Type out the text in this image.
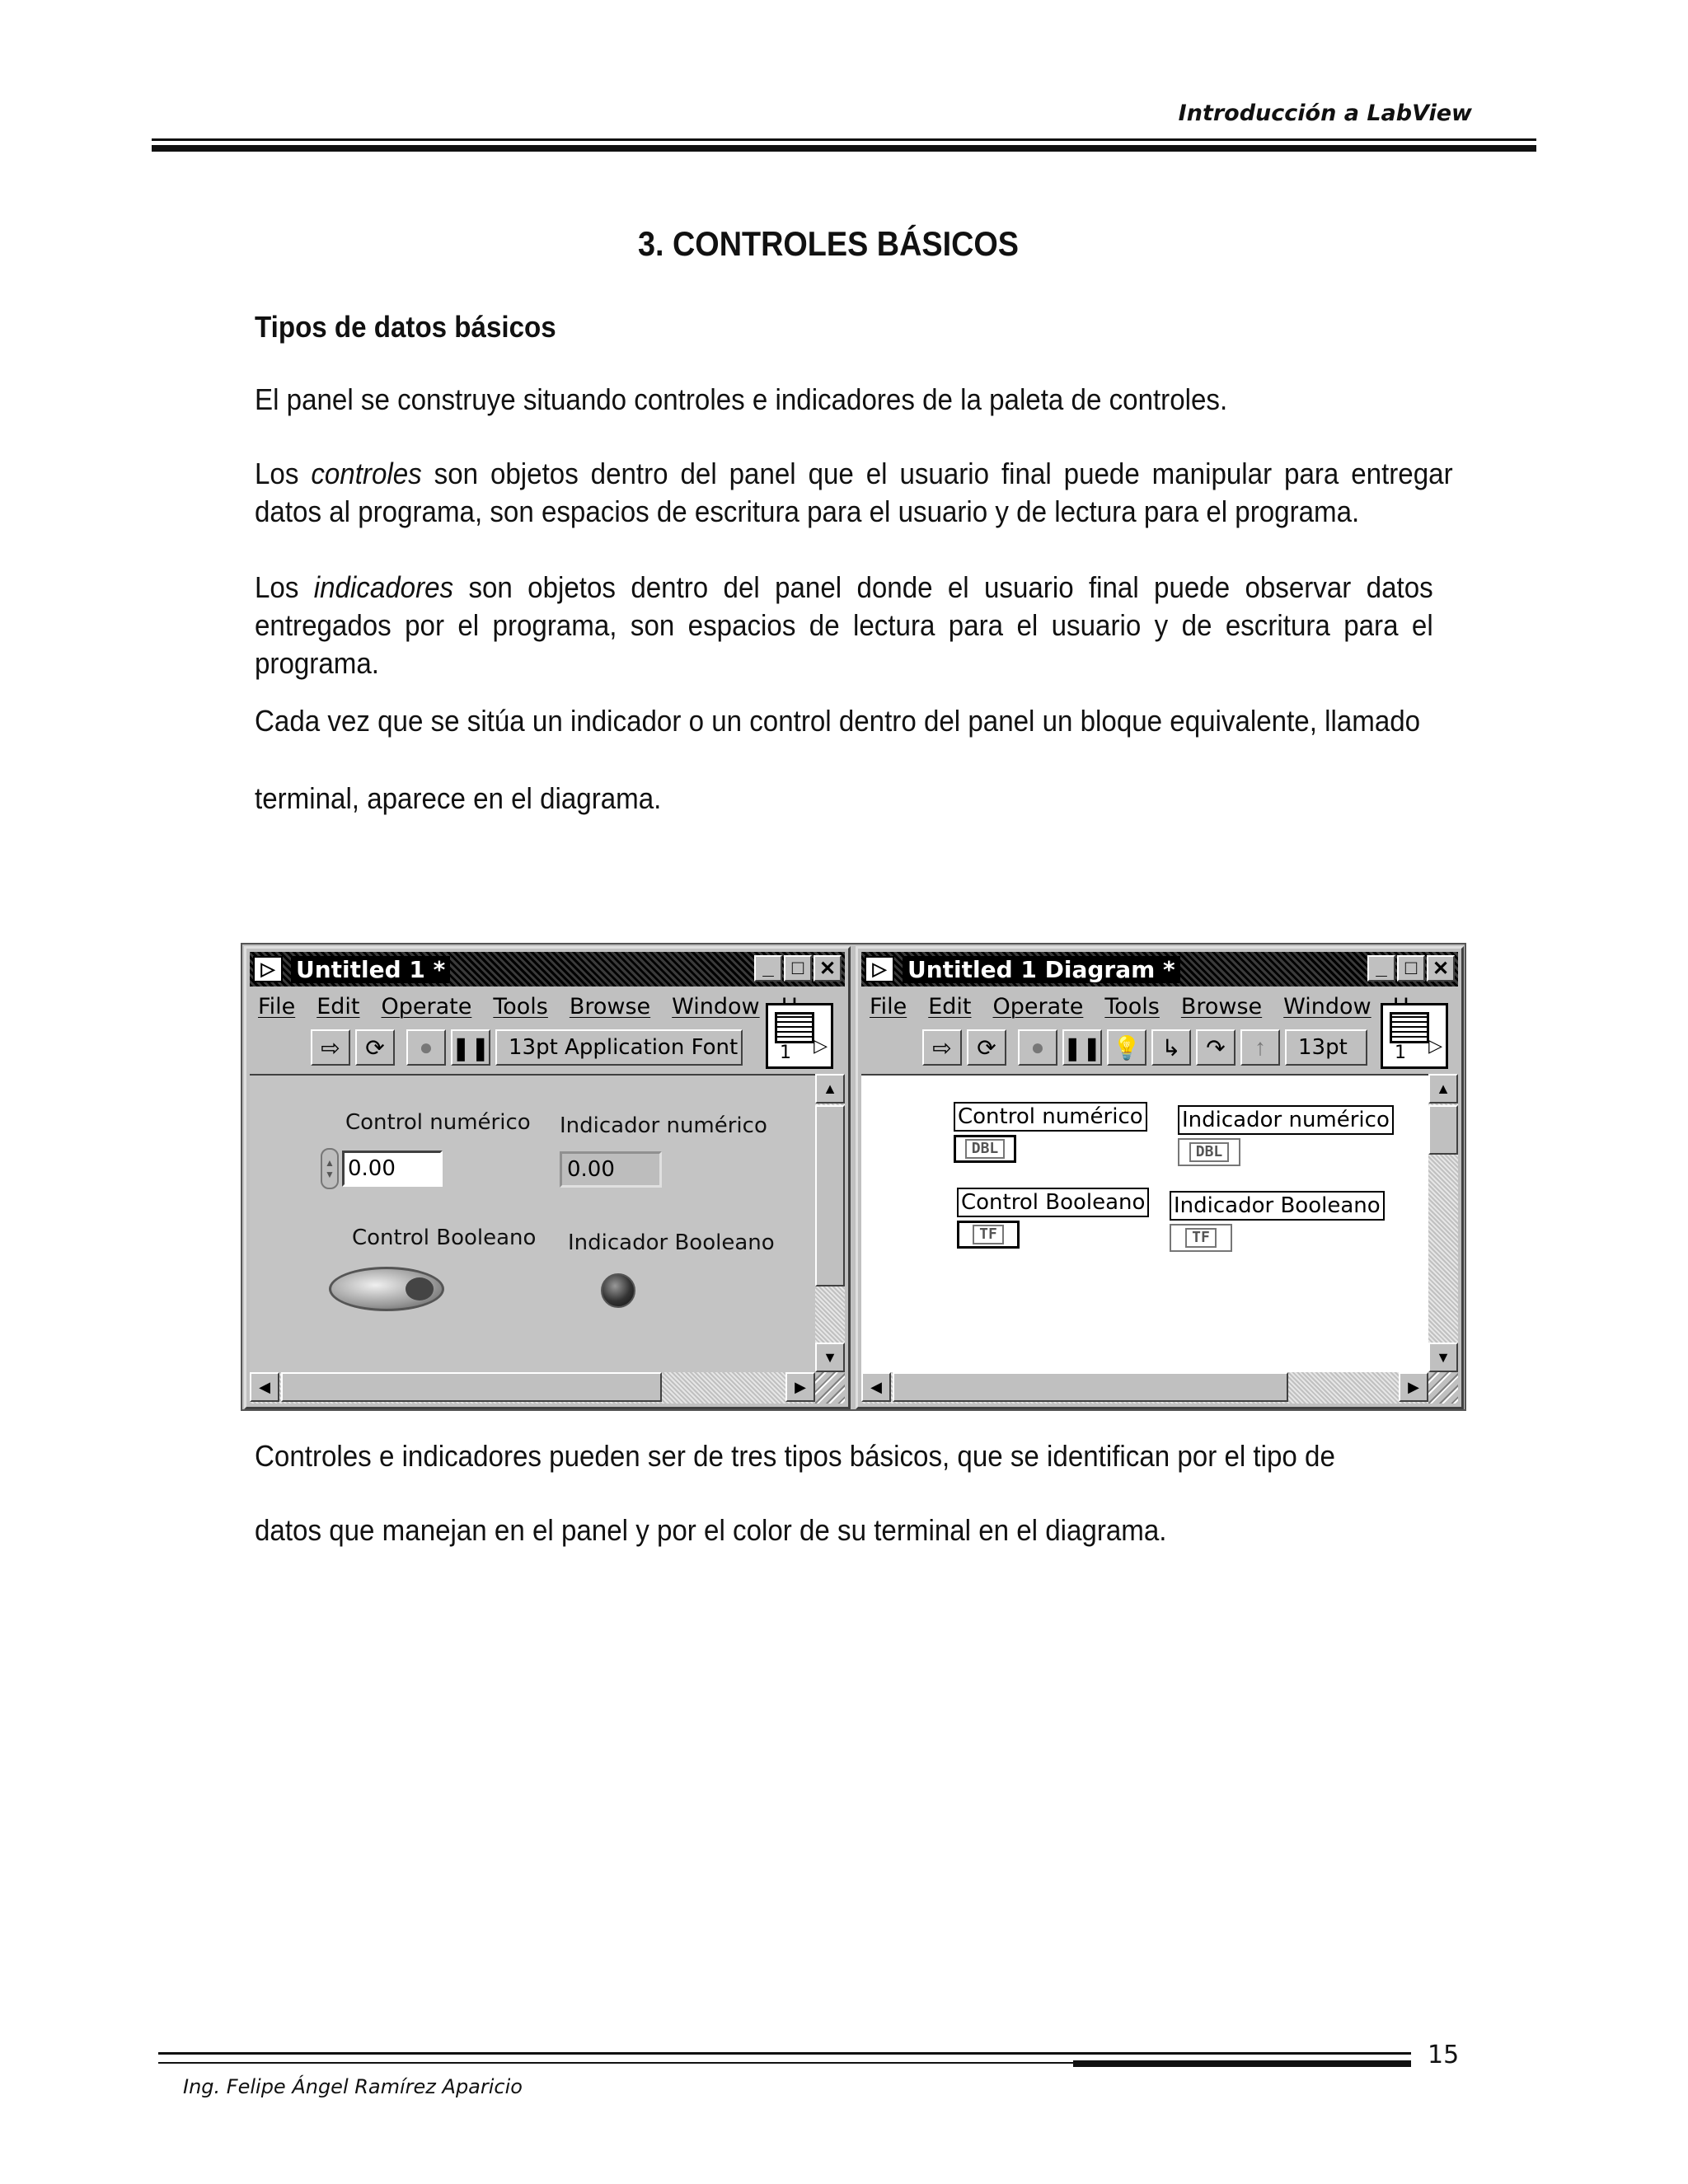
Introducción a LabView
3. CONTROLES BÁSICOS
Tipos de datos básicos
El panel se construye situando controles e indicadores de la paleta de controles.
Los controles son objetos dentro del panel que el usuario final puede manipular para entregar datos al programa, son espacios de escritura para el usuario y de lectura para el programa.
Los indicadores son objetos dentro del panel donde el usuario final puede observar datos entregados por el programa, son espacios de lectura para el usuario y de escritura para el programa.
Cada vez que se sitúa un indicador o un control dentro del panel un bloque equivalente, llamado
terminal, aparece en el diagrama.
▷ Untitled 1 *	_ □ ✕
File Edit Operate Tools Browse Window
1 ▷
⇨	⟳	● ❚❚ 13pt Application Font
Control numérico
▲
▼ 0.00
Indicador numérico
0.00
Control Booleano Indicador Booleano
▲
▼
◀	▶
▷ Untitled 1 Diagram *	_ □ ✕
File Edit Operate Tools Browse Window
1 ▷
⇨	⟳	● ❚❚ 💡 ↳	↷	↑	13pt
Control numérico
DBL
Indicador numérico
DBL
Control Booleano
TF
Indicador Booleano
TF
▲
▼
◀	▶
Controles e indicadores pueden ser de tres tipos básicos, que se identifican por el tipo de
datos que manejan en el panel y por el color de su terminal en el diagrama.
15
Ing. Felipe Ángel Ramírez Aparicio
